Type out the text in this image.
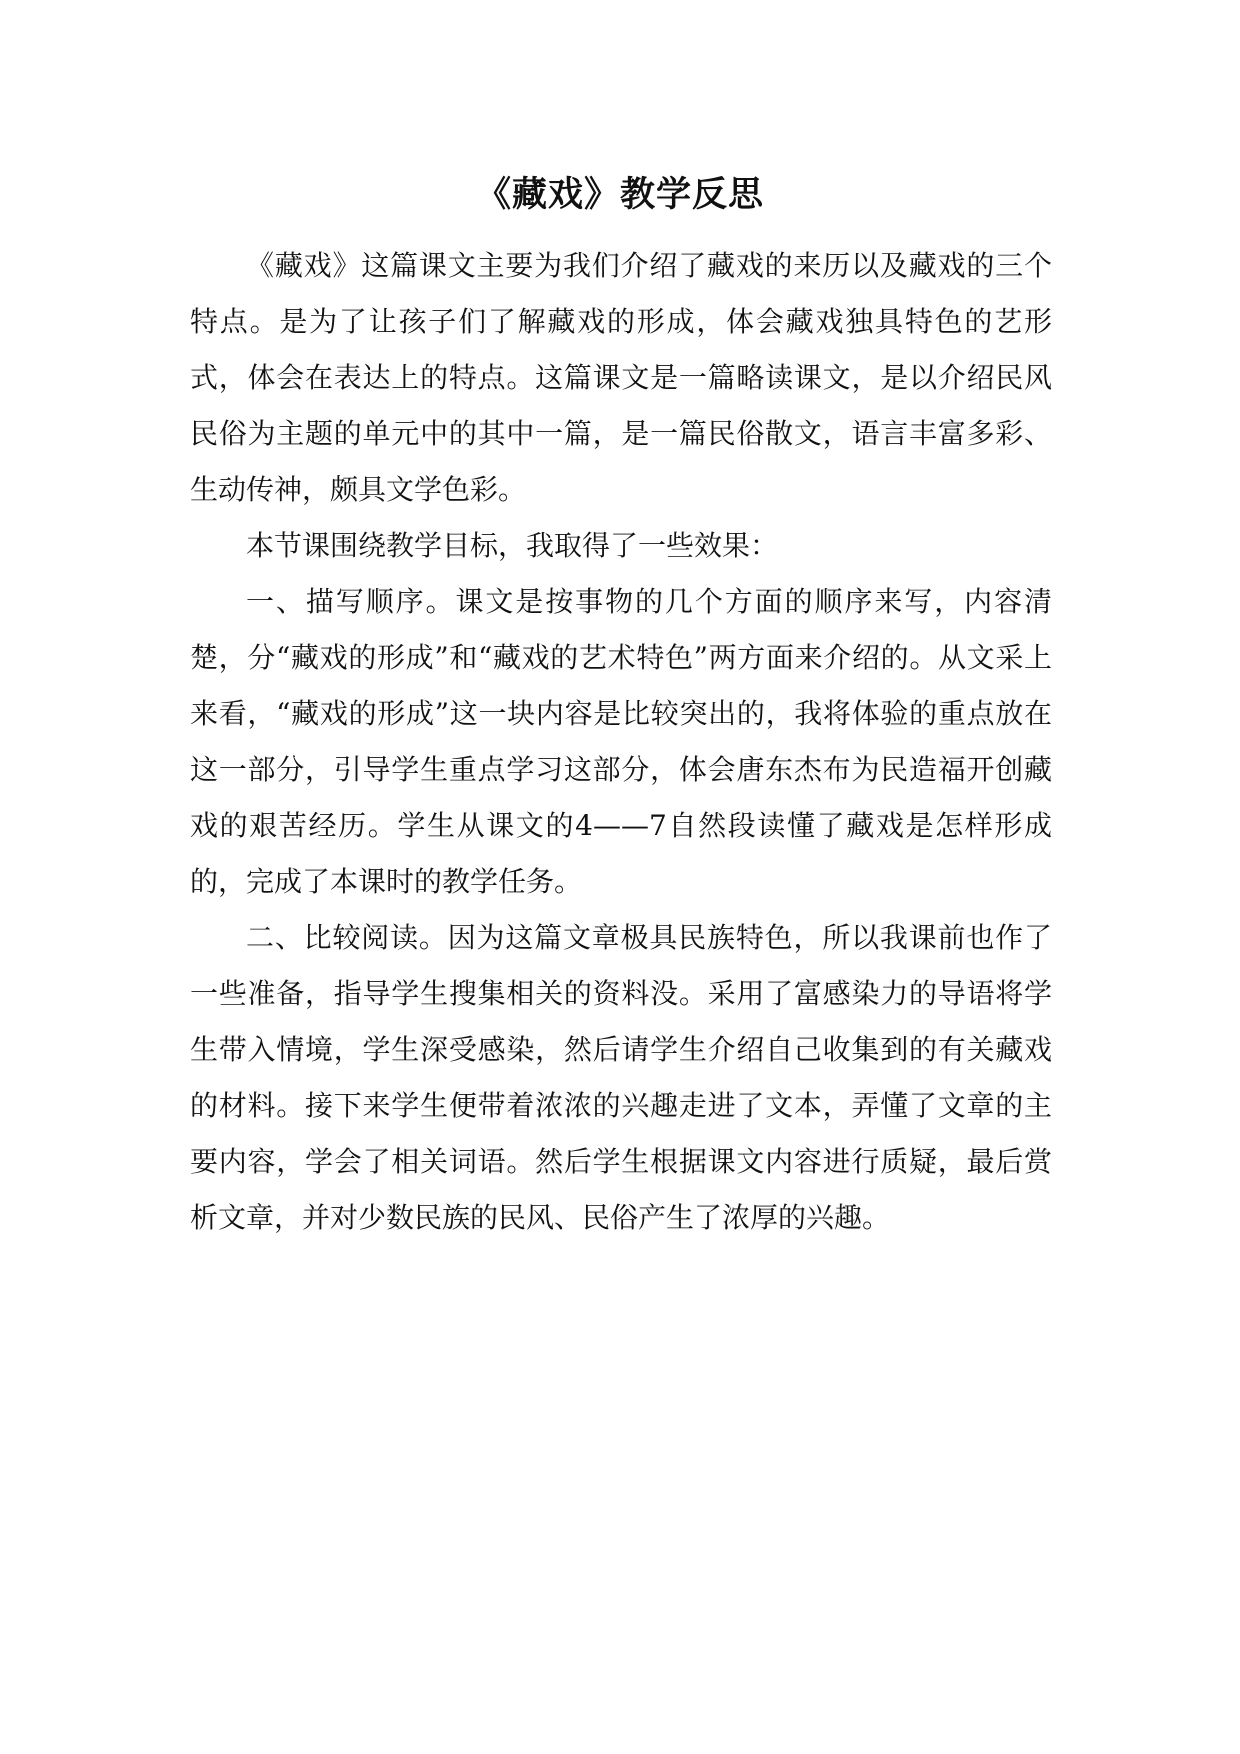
《藏戏》教学反思

《藏戏》这篇课文主要为我们介绍了藏戏的来历以及藏戏的三个特点。是为了让孩子们了解藏戏的形成，体会藏戏独具特色的艺形式，体会在表达上的特点。这篇课文是一篇略读课文，是以介绍民风民俗为主题的单元中的其中一篇，是一篇民俗散文，语言丰富多彩、生动传神，颇具文学色彩。

本节课围绕教学目标，我取得了一些效果：

一、描写顺序。课文是按事物的几个方面的顺序来写，内容清楚，分“藏戏的形成”和“藏戏的艺术特色”两方面来介绍的。从文采上来看，“藏戏的形成”这一块内容是比较突出的，我将体验的重点放在这一部分，引导学生重点学习这部分，体会唐东杰布为民造福开创藏戏的艰苦经历。学生从课文的4——7自然段读懂了藏戏是怎样形成的，完成了本课时的教学任务。

二、比较阅读。因为这篇文章极具民族特色，所以我课前也作了一些准备，指导学生搜集相关的资料没。采用了富感染力的导语将学生带入情境，学生深受感染，然后请学生介绍自己收集到的有关藏戏的材料。接下来学生便带着浓浓的兴趣走进了文本，弄懂了文章的主要内容，学会了相关词语。然后学生根据课文内容进行质疑，最后赏析文章，并对少数民族的民风、民俗产生了浓厚的兴趣。
